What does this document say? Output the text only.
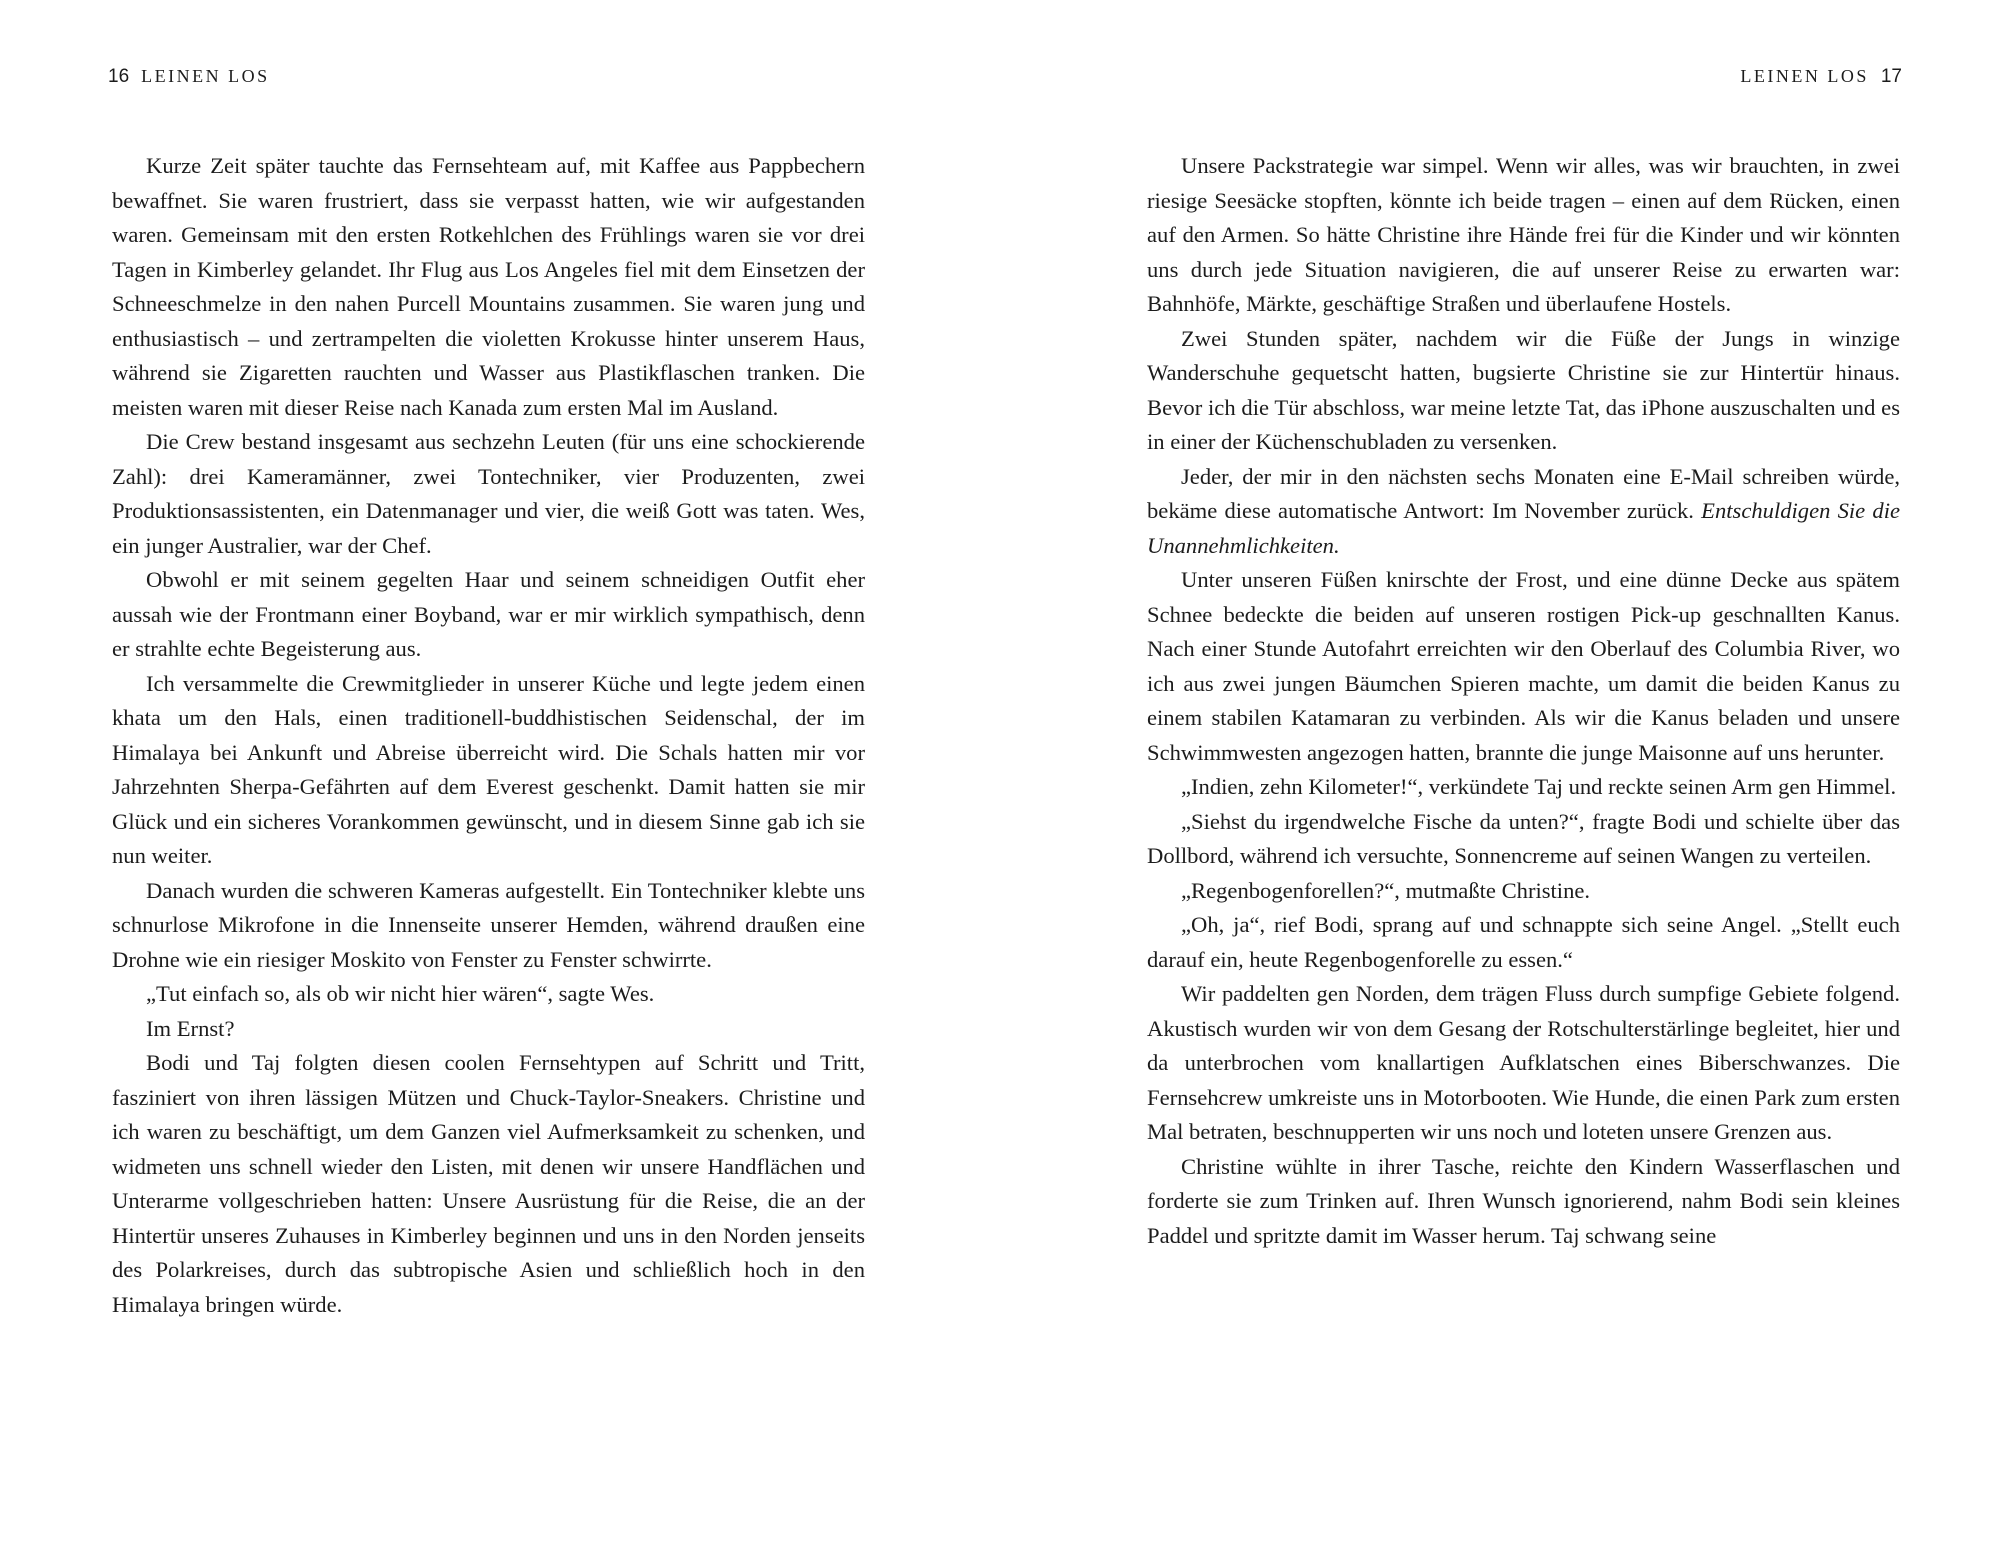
16 LEINEN LOS

Kurze Zeit später tauchte das Fernsehteam auf, mit Kaffee aus Pappbechern bewaffnet. Sie waren frustriert, dass sie verpasst hatten, wie wir aufgestanden waren. Gemeinsam mit den ersten Rotkehlchen des Frühlings waren sie vor drei Tagen in Kimberley gelandet. Ihr Flug aus Los Angeles fiel mit dem Einsetzen der Schneeschmelze in den nahen Purcell Mountains zusammen. Sie waren jung und enthusiastisch – und zertrampelten die violetten Krokusse hinter unserem Haus, während sie Zigaretten rauchten und Wasser aus Plastikflaschen tranken. Die meisten waren mit dieser Reise nach Kanada zum ersten Mal im Ausland.

Die Crew bestand insgesamt aus sechzehn Leuten (für uns eine schockierende Zahl): drei Kameramänner, zwei Tontechniker, vier Produzenten, zwei Produktionsassistenten, ein Datenmanager und vier, die weiß Gott was taten. Wes, ein junger Australier, war der Chef.

Obwohl er mit seinem gegelten Haar und seinem schneidigen Outfit eher aussah wie der Frontmann einer Boyband, war er mir wirklich sympathisch, denn er strahlte echte Begeisterung aus.

Ich versammelte die Crewmitglieder in unserer Küche und legte jedem einen khata um den Hals, einen traditionell-buddhistischen Seidenschal, der im Himalaya bei Ankunft und Abreise überreicht wird. Die Schals hatten mir vor Jahrzehnten Sherpa-Gefährten auf dem Everest geschenkt. Damit hatten sie mir Glück und ein sicheres Vorankommen gewünscht, und in diesem Sinne gab ich sie nun weiter.

Danach wurden die schweren Kameras aufgestellt. Ein Tontechniker klebte uns schnurlose Mikrofone in die Innenseite unserer Hemden, während draußen eine Drohne wie ein riesiger Moskito von Fenster zu Fenster schwirrte.

„Tut einfach so, als ob wir nicht hier wären“, sagte Wes.

Im Ernst?

Bodi und Taj folgten diesen coolen Fernsehtypen auf Schritt und Tritt, fasziniert von ihren lässigen Mützen und Chuck-Taylor-Sneakers. Christine und ich waren zu beschäftigt, um dem Ganzen viel Aufmerksamkeit zu schenken, und widmeten uns schnell wieder den Listen, mit denen wir unsere Handflächen und Unterarme vollgeschrieben hatten: Unsere Ausrüstung für die Reise, die an der Hintertür unseres Zuhauses in Kimberley beginnen und uns in den Norden jenseits des Polarkreises, durch das subtropische Asien und schließlich hoch in den Himalaya bringen würde.

LEINEN LOS 17

Unsere Packstrategie war simpel. Wenn wir alles, was wir brauchten, in zwei riesige Seesäcke stopften, könnte ich beide tragen – einen auf dem Rücken, einen auf den Armen. So hätte Christine ihre Hände frei für die Kinder und wir könnten uns durch jede Situation navigieren, die auf unserer Reise zu erwarten war: Bahnhöfe, Märkte, geschäftige Straßen und überlaufene Hostels.

Zwei Stunden später, nachdem wir die Füße der Jungs in winzige Wanderschuhe gequetscht hatten, bugsierte Christine sie zur Hintertür hinaus. Bevor ich die Tür abschloss, war meine letzte Tat, das iPhone auszuschalten und es in einer der Küchenschubladen zu versenken.

Jeder, der mir in den nächsten sechs Monaten eine E-Mail schreiben würde, bekäme diese automatische Antwort: Im November zurück. Entschuldigen Sie die Unannehmlichkeiten.

Unter unseren Füßen knirschte der Frost, und eine dünne Decke aus spätem Schnee bedeckte die beiden auf unseren rostigen Pick-up geschnallten Kanus. Nach einer Stunde Autofahrt erreichten wir den Oberlauf des Columbia River, wo ich aus zwei jungen Bäumchen Spieren machte, um damit die beiden Kanus zu einem stabilen Katamaran zu verbinden. Als wir die Kanus beladen und unsere Schwimmwesten angezogen hatten, brannte die junge Maisonne auf uns herunter.

„Indien, zehn Kilometer!“, verkündete Taj und reckte seinen Arm gen Himmel.

„Siehst du irgendwelche Fische da unten?“, fragte Bodi und schielte über das Dollbord, während ich versuchte, Sonnencreme auf seinen Wangen zu verteilen.

„Regenbogenforellen?“, mutmaßte Christine.

„Oh, ja“, rief Bodi, sprang auf und schnappte sich seine Angel. „Stellt euch darauf ein, heute Regenbogenforelle zu essen.“

Wir paddelten gen Norden, dem trägen Fluss durch sumpfige Gebiete folgend. Akustisch wurden wir von dem Gesang der Rotschulterstärlinge begleitet, hier und da unterbrochen vom knallartigen Aufklatschen eines Biberschwanzes. Die Fernsehcrew umkreiste uns in Motorbooten. Wie Hunde, die einen Park zum ersten Mal betraten, beschnupperten wir uns noch und loteten unsere Grenzen aus.

Christine wühlte in ihrer Tasche, reichte den Kindern Wasserflaschen und forderte sie zum Trinken auf. Ihren Wunsch ignorierend, nahm Bodi sein kleines Paddel und spritzte damit im Wasser herum. Taj schwang seine
